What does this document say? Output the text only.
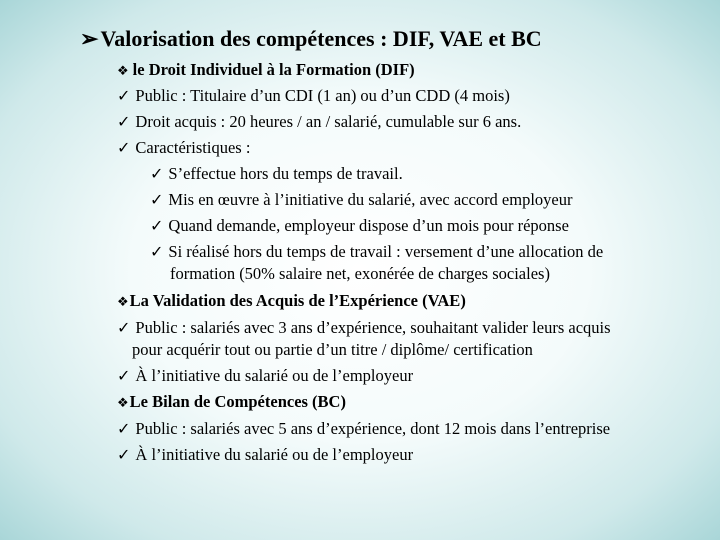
➢Valorisation des compétences : DIF, VAE et BC
❖ le Droit Individuel à la Formation (DIF)
✓ Public : Titulaire d’un CDI (1 an) ou d’un CDD (4 mois)
✓ Droit acquis : 20 heures / an / salarié, cumulable sur 6 ans.
✓ Caractéristiques :
✓ S’effectue hors du temps de travail.
✓ Mis en œuvre à l’initiative du salarié, avec accord employeur
✓ Quand demande, employeur dispose d’un mois pour réponse
✓ Si réalisé hors du temps de travail : versement d’une allocation de
formation (50% salaire net, exonérée de charges sociales)
❖La Validation des Acquis de l’Expérience (VAE)
✓ Public : salariés avec 3 ans d’expérience, souhaitant valider leurs acquis
pour acquérir tout ou partie d’un titre / diplôme/ certification
✓ À l’initiative du salarié ou de l’employeur
❖Le Bilan de Compétences (BC)
✓ Public : salariés avec 5 ans d’expérience, dont 12 mois dans l’entreprise
✓ À l’initiative du salarié ou de l’employeur
